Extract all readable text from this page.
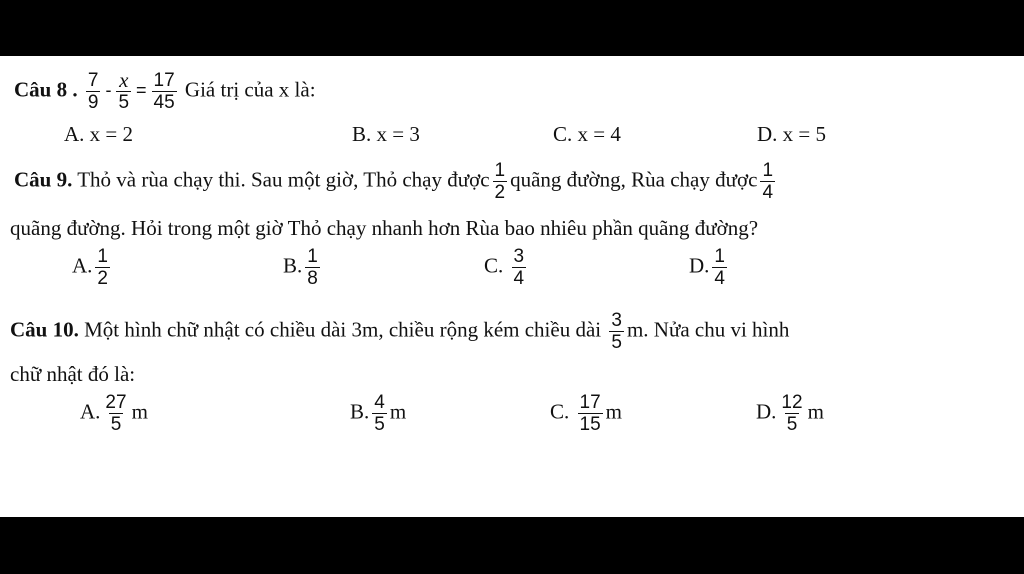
Câu 8 . $\frac{7}{9} - \frac{x}{5} = \frac{17}{45}$ Giá trị của x là:
A. x = 2	B. x = 3	C. x = 4	D. x = 5
Câu 9. Thỏ và rùa chạy thi. Sau một giờ, Thỏ chạy được $\frac{1}{2}$ quãng đường, Rùa chạy được $\frac{1}{4}$
quãng đường. Hỏi trong một giờ Thỏ chạy nhanh hơn Rùa bao nhiêu phần quãng đường?
A. $\frac{1}{2}$	B. $\frac{1}{8}$	C. $\frac{3}{4}$	D. $\frac{1}{4}$
Câu 10. Một hình chữ nhật có chiều dài 3m, chiều rộng kém chiều dài $\frac{3}{5} m$. Nửa chu vi hình
chữ nhật đó là:
A. $\frac{27}{5}$ m	B. $\frac{4}{5}$ m	C. $\frac{17}{15}$ m	D. $\frac{12}{5}$ m
